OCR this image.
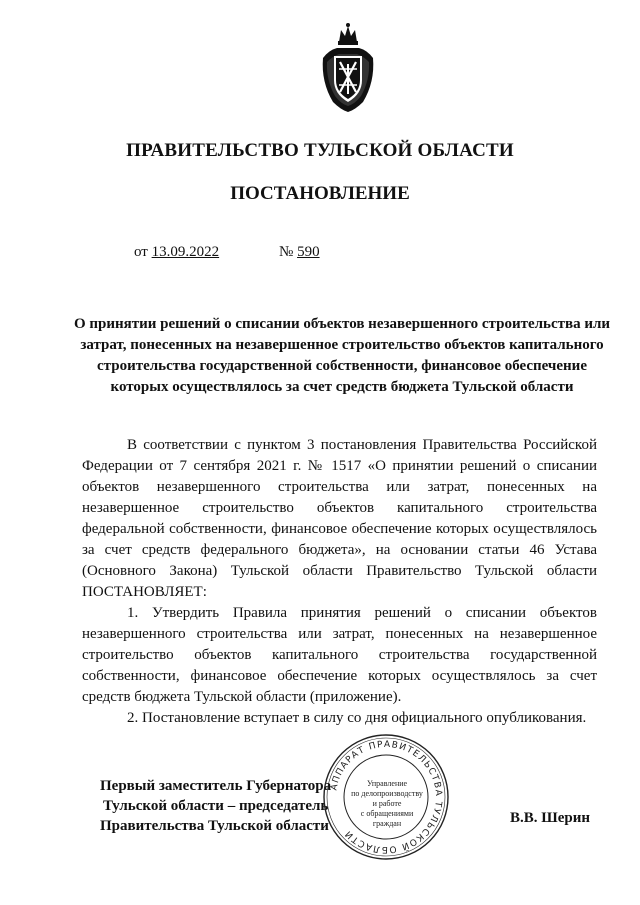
ПРАВИТЕЛЬСТВО ТУЛЬСКОЙ ОБЛАСТИ
ПОСТАНОВЛЕНИЕ
от 13.09.2022	№ 590
О принятии решений о списании объектов незавершенного строительства или затрат, понесенных на незавершенное строительство объектов капитального строительства государственной собственности, финансовое обеспечение которых осуществлялось за счет средств бюджета Тульской области

В соответствии с пунктом 3 постановления Правительства Российской Федерации от 7 сентября 2021 г. № 1517 «О принятии решений о списании объектов незавершенного строительства или затрат, понесенных на незавершенное строительство объектов капитального строительства федеральной собственности, финансовое обеспечение которых осуществлялось за счет средств федерального бюджета», на основании статьи 46 Устава (Основного Закона) Тульской области Правительство Тульской области ПОСТАНОВЛЯЕТ:

1. Утвердить Правила принятия решений о списании объектов незавершенного строительства или затрат, понесенных на незавершенное строительство объектов капитального строительства государственной собственности, финансовое обеспечение которых осуществлялось за счет средств бюджета Тульской области (приложение).

2. Постановление вступает в силу со дня официального опубликования.

Первый заместитель Губернатора
Тульской области – председатель
Правительства Тульской области	В.В. Шерин
АППАРАТ ПРАВИТЕЛЬСТВА ТУЛЬСКОЙ ОБЛАСТИ
Управление
по делопроизводству
и работе
с обращениями
граждан
